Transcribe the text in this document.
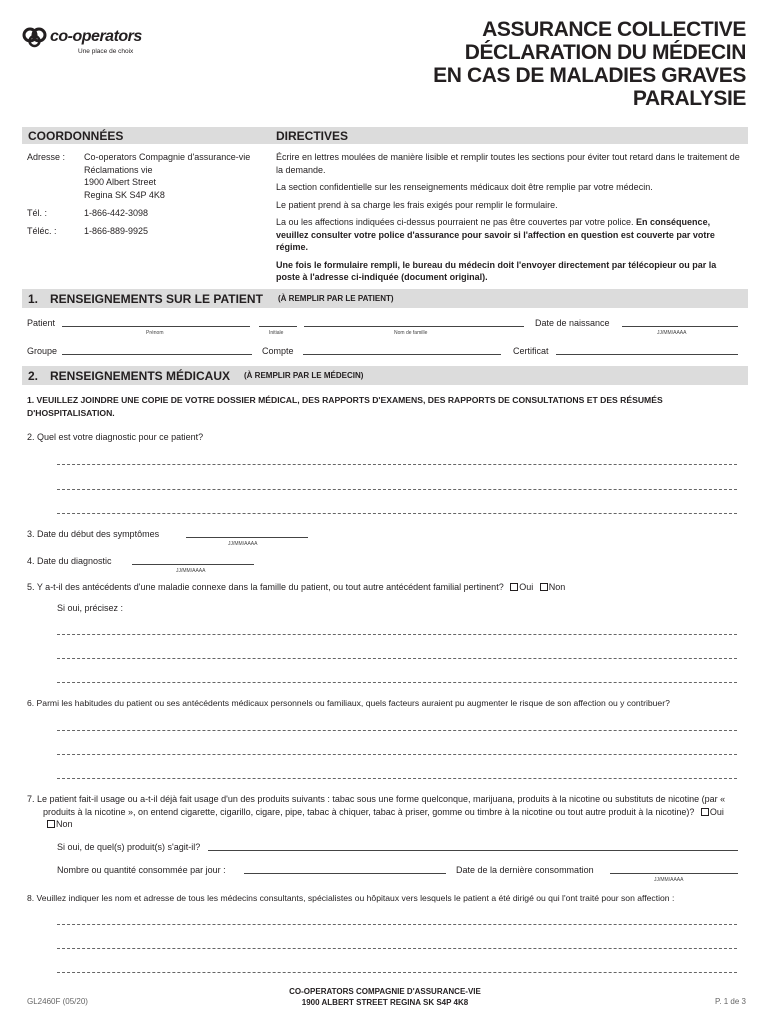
co-operators
Une place de choix
ASSURANCE COLLECTIVE
DÉCLARATION DU MÉDECIN
EN CAS DE MALADIES GRAVES
PARALYSIE
COORDONNÉES	DIRECTIVES
Adresse : Co-operators Compagnie d'assurance-vie
Réclamations vie
1900 Albert Street
Regina SK S4P 4K8
Tél. :	1-866-442-3098
Téléc. :	1-866-889-9925

Écrire en lettres moulées de manière lisible et remplir toutes les sections pour éviter tout retard dans le traitement de la demande.

La section confidentielle sur les renseignements médicaux doit être remplie par votre médecin.

Le patient prend à sa charge les frais exigés pour remplir le formulaire.

La ou les affections indiquées ci-dessus pourraient ne pas être couvertes par votre police. En conséquence, veuillez consulter votre police d'assurance pour savoir si l'affection en question est couverte par votre régime.

Une fois le formulaire rempli, le bureau du médecin doit l'envoyer directement par télécopieur ou par la poste à l'adresse ci-indiquée (document original).

1. RENSEIGNEMENTS SUR LE PATIENT (À REMPLIR PAR LE PATIENT)
Patient
Prénom	Initiale	Nom de famille
Date de naissance
JJ/MM/AAAA
Groupe	Compte	Certificat
2. RENSEIGNEMENTS MÉDICAUX (À REMPLIR PAR LE MÉDECIN)
1. VEUILLEZ JOINDRE UNE COPIE DE VOTRE DOSSIER MÉDICAL, DES RAPPORTS D'EXAMENS, DES RAPPORTS DE CONSULTATIONS ET DES RÉSUMÉS D'HOSPITALISATION.
2. Quel est votre diagnostic pour ce patient?
3. Date du début des symptômes
JJ/MM/AAAA
4. Date du diagnostic
JJ/MM/AAAA
5. Y a-t-il des antécédents d'une maladie connexe dans la famille du patient, ou tout autre antécédent familial pertinent? Oui Non
Si oui, précisez :
6. Parmi les habitudes du patient ou ses antécédents médicaux personnels ou familiaux, quels facteurs auraient pu augmenter le risque de son affection ou y contribuer?
7. Le patient fait-il usage ou a-t-il déjà fait usage d'un des produits suivants : tabac sous une forme quelconque, marijuana, produits à la nicotine ou substituts de nicotine (par « produits à la nicotine », on entend cigarette, cigarillo, cigare, pipe, tabac à chiquer, tabac à priser, gomme ou timbre à la nicotine ou tout autre produit à la nicotine)? Oui Non
Si oui, de quel(s) produit(s) s'agit-il?
Nombre ou quantité consommée par jour :	Date de la dernière consommation
JJ/MM/AAAA
8. Veuillez indiquer les nom et adresse de tous les médecins consultants, spécialistes ou hôpitaux vers lesquels le patient a été dirigé ou qui l'ont traité pour son affection :
GL2460F (05/20)
CO-OPERATORS COMPAGNIE D'ASSURANCE-VIE
1900 ALBERT STREET REGINA SK S4P 4K8	P. 1 de 3
